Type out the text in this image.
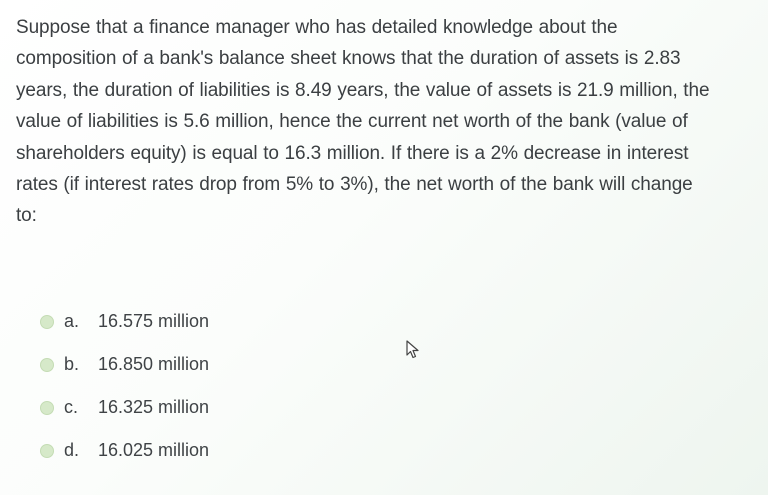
Suppose that a finance manager who has detailed knowledge about the
composition of a bank's balance sheet knows that the duration of assets is 2.83
years, the duration of liabilities is 8.49 years, the value of assets is 21.9 million, the
value of liabilities is 5.6 million, hence the current net worth of the bank (value of
shareholders equity) is equal to 16.3 million. If there is a 2% decrease in interest
rates (if interest rates drop from 5% to 3%), the net worth of the bank will change
to:
a.	16.575 million
b.	16.850 million
c.	16.325 million
d.	16.025 million
